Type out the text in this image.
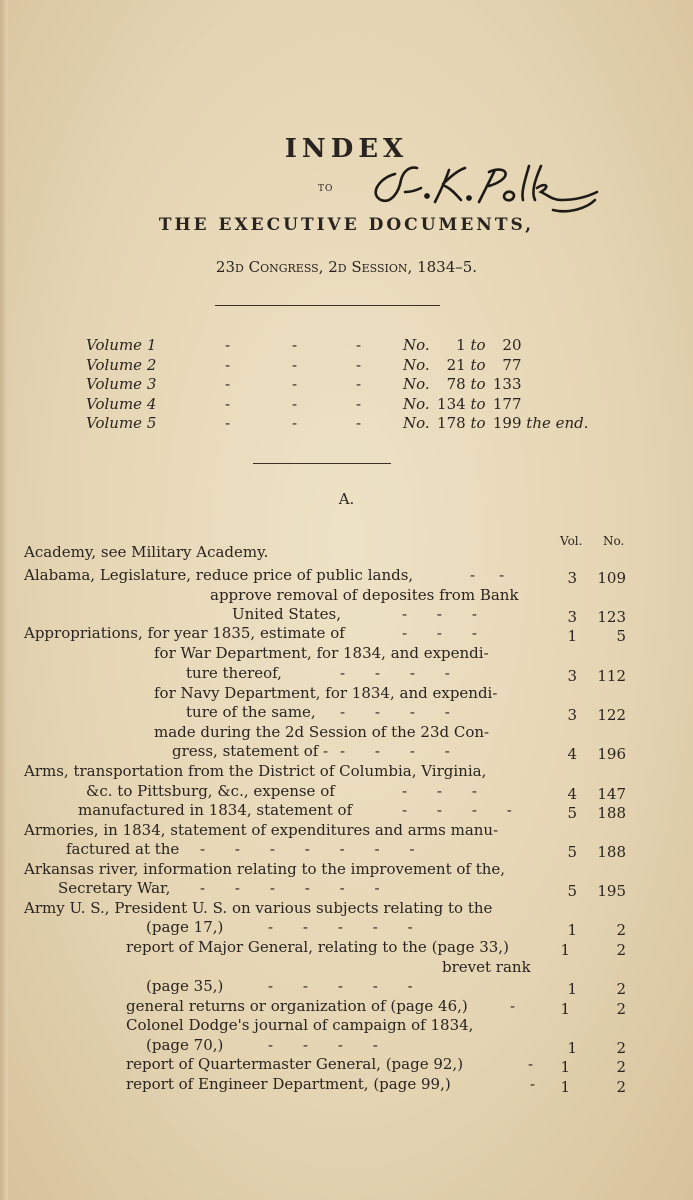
INDEX
TO
THE EXECUTIVE DOCUMENTS,
23d Congress, 2d Session, 1834–5.
Volume 1	-	-	-	No. 1 to 20
Volume 2	-	-	-	No. 21 to 77
Volume 3	-	-	-	No. 78 to 133
Volume 4	-	-	-	No. 134 to 177
Volume 5	-	-	-	No. 178 to 199 the end.
A.
Vol. No.
Academy, see Military Academy.
Alabama, Legislature, reduce price of public lands,	-    -	3	109
approve removal of deposites from Bank
United States,	-     -     -	3	123
Appropriations, for year 1835, estimate of	-     -     -	1	5
for War Department, for 1834, and expendi-
ture thereof,	-     -     -     -	3	112
for Navy Department, for 1834, and expendi-
ture of the same, -     -     -     -	3	122
made during the 2d Session of the 23d Con-
gress, statement of - -     -     -     -	4	196
Arms, transportation from the District of Columbia, Virginia,
&c. to Pittsburg, &c., expense of	-     -     -	4	147
manufactured in 1834, statement of	-     -     -     -	5	188
Armories, in 1834, statement of expenditures and arms manu-
factured at the -     -     -     -     -     -     -	5	188
Arkansas river, information relating to the improvement of the,
Secretary War, -     -     -     -     -     -	5	195
Army U. S., President U. S. on various subjects relating to the
(page 17,)	-     -     -     -     -	1	2
report of Major General, relating to the (page 33,)	1	2
brevet rank
(page 35,)	-     -     -     -     -	1	2
general returns or organization of (page 46,)	-	1	2
Colonel Dodge's journal of campaign of 1834,
(page 70,)	-     -     -     -	1	2
report of Quartermaster General, (page 92,)	-	1	2
report of Engineer Department, (page 99,)	-	1	2
